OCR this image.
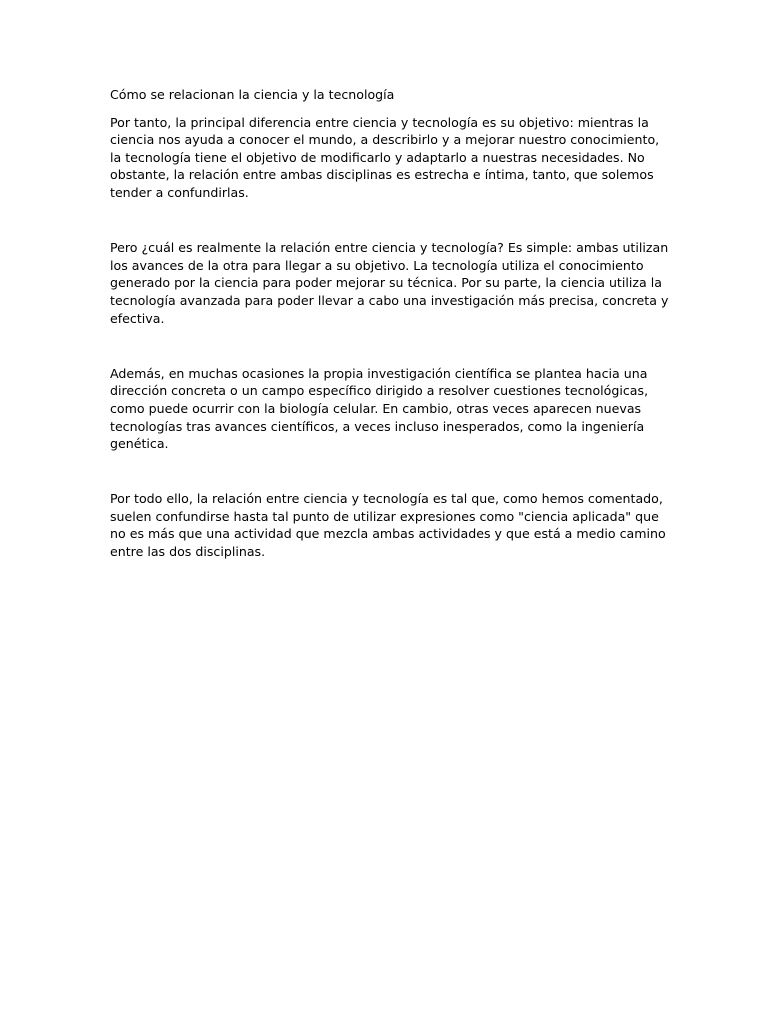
Cómo se relacionan la ciencia y la tecnología

Por tanto, la principal diferencia entre ciencia y tecnología es su objetivo: mientras la ciencia nos ayuda a conocer el mundo, a describirlo y a mejorar nuestro conocimiento, la tecnología tiene el objetivo de modificarlo y adaptarlo a nuestras necesidades. No obstante, la relación entre ambas disciplinas es estrecha e íntima, tanto, que solemos tender a confundirlas.

Pero ¿cuál es realmente la relación entre ciencia y tecnología? Es simple: ambas utilizan los avances de la otra para llegar a su objetivo. La tecnología utiliza el conocimiento generado por la ciencia para poder mejorar su técnica. Por su parte, la ciencia utiliza la tecnología avanzada para poder llevar a cabo una investigación más precisa, concreta y efectiva.

Además, en muchas ocasiones la propia investigación científica se plantea hacia una dirección concreta o un campo específico dirigido a resolver cuestiones tecnológicas, como puede ocurrir con la biología celular. En cambio, otras veces aparecen nuevas tecnologías tras avances científicos, a veces incluso inesperados, como la ingeniería genética.

Por todo ello, la relación entre ciencia y tecnología es tal que, como hemos comentado, suelen confundirse hasta tal punto de utilizar expresiones como "ciencia aplicada" que no es más que una actividad que mezcla ambas actividades y que está a medio camino entre las dos disciplinas.
